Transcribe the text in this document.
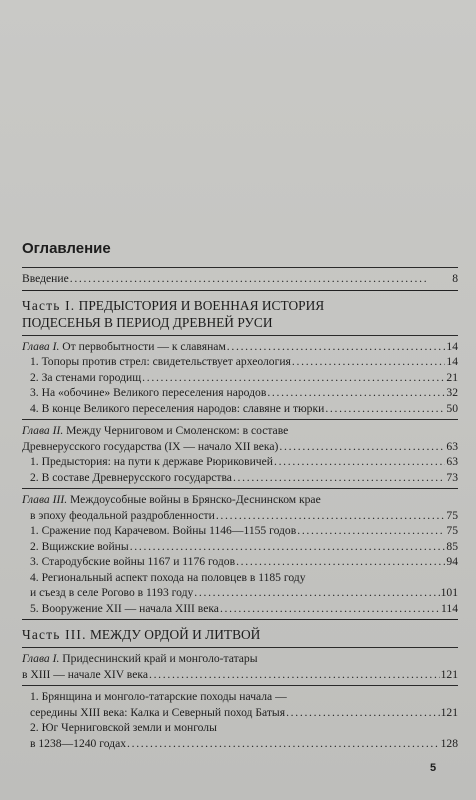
Оглавление
Введение . . .	8
Часть I. ПРЕДЫСТОРИЯ И ВОЕННАЯ ИСТОРИЯ
ПОДЕСЕНЬЯ В ПЕРИОД ДРЕВНЕЙ РУСИ
Глава I. От первобытности — к славянам . . .	14
1. Топоры против стрел: свидетельствует археология . . .	14
2. За стенами городищ . . .	21
3. На «обочине» Великого переселения народов . . .	32
4. В конце Великого переселения народов: славяне и тюрки . . .	50
Глава II. Между Черниговом и Смоленском: в составе
Древнерусского государства (IX — начало XII века) . . .	63
1. Предыстория: на пути к державе Рюриковичей . . .	63
2. В составе Древнерусского государства . . .	73
Глава III. Междоусобные войны в Брянско-Деснинском крае
в эпоху феодальной раздробленности . . .	75
1. Сражение под Карачевом. Войны 1146—1155 годов . . .	75
2. Вщижские войны . . .	85
3. Стародубские войны 1167 и 1176 годов . . .	94
4. Региональный аспект похода на половцев в 1185 году
и съезд в селе Рогово в 1193 году . . .	101
5. Вооружение XII — начала XIII века . . .	114
Часть III. МЕЖДУ ОРДОЙ И ЛИТВОЙ
Глава I. Придеснинский край и монголо-татары
в XIII — начале XIV века . . .	121
1. Брянщина и монголо-татарские походы начала —
середины XIII века: Калка и Северный поход Батыя . . .	121
2. Юг Черниговской земли и монголы
в 1238—1240 годах . . .	128
5
